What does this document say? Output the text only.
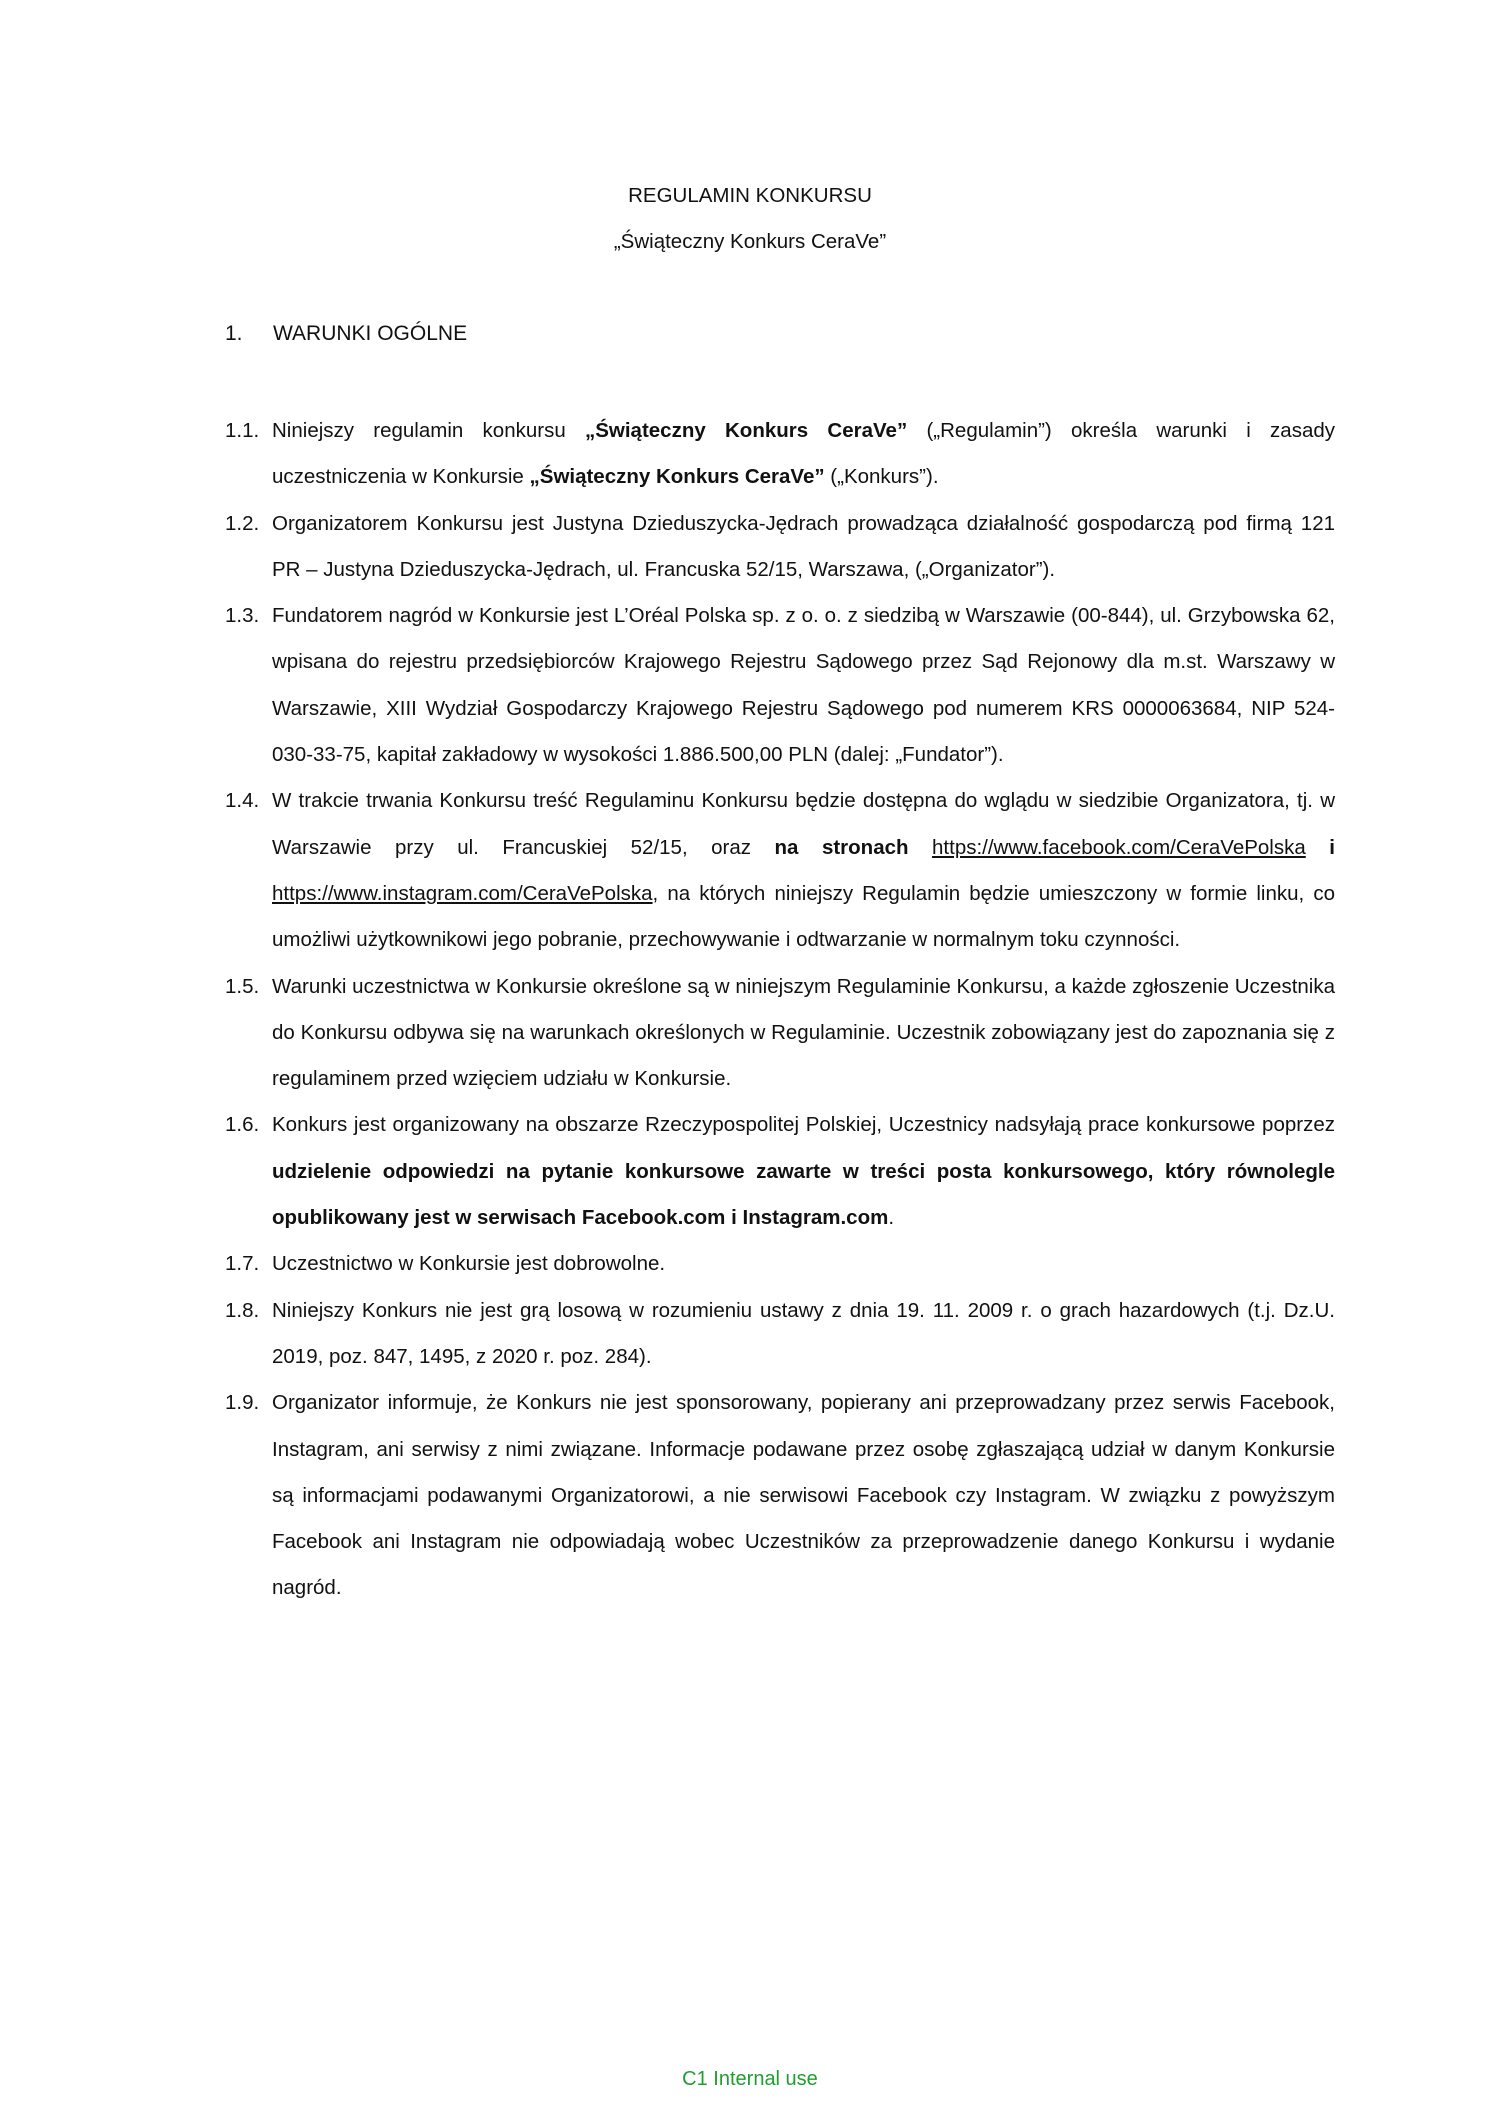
REGULAMIN KONKURSU
„Świąteczny Konkurs CeraVe”
1. WARUNKI OGÓLNE
1.1. Niniejszy regulamin konkursu „Świąteczny Konkurs CeraVe” („Regulamin”) określa warunki i zasady uczestniczenia w Konkursie „Świąteczny Konkurs CeraVe” („Konkurs”).
1.2. Organizatorem Konkursu jest Justyna Dzieduszycka-Jędrach prowadząca działalność gospodarczą pod firmą 121 PR – Justyna Dzieduszycka-Jędrach, ul. Francuska 52/15, Warszawa, („Organizator”).
1.3. Fundatorem nagród w Konkursie jest L’Oréal Polska sp. z o. o. z siedzibą w Warszawie (00-844), ul. Grzybowska 62, wpisana do rejestru przedsiębiorców Krajowego Rejestru Sądowego przez Sąd Rejonowy dla m.st. Warszawy w Warszawie, XIII Wydział Gospodarczy Krajowego Rejestru Sądowego pod numerem KRS 0000063684, NIP 524-030-33-75, kapitał zakładowy w wysokości 1.886.500,00 PLN (dalej: „Fundator”).
1.4. W trakcie trwania Konkursu treść Regulaminu Konkursu będzie dostępna do wglądu w siedzibie Organizatora, tj. w Warszawie przy ul. Francuskiej 52/15, oraz na stronach https://www.facebook.com/CeraVePolska i https://www.instagram.com/CeraVePolska, na których niniejszy Regulamin będzie umieszczony w formie linku, co umożliwi użytkownikowi jego pobranie, przechowywanie i odtwarzanie w normalnym toku czynności.
1.5. Warunki uczestnictwa w Konkursie określone są w niniejszym Regulaminie Konkursu, a każde zgłoszenie Uczestnika do Konkursu odbywa się na warunkach określonych w Regulaminie. Uczestnik zobowiązany jest do zapoznania się z regulaminem przed wzięciem udziału w Konkursie.
1.6. Konkurs jest organizowany na obszarze Rzeczypospolitej Polskiej, Uczestnicy nadsyłają prace konkursowe poprzez udzielenie odpowiedzi na pytanie konkursowe zawarte w treści posta konkursowego, który równolegle opublikowany jest w serwisach Facebook.com i Instagram.com.
1.7. Uczestnictwo w Konkursie jest dobrowolne.
1.8. Niniejszy Konkurs nie jest grą losową w rozumieniu ustawy z dnia 19. 11. 2009 r. o grach hazardowych (t.j. Dz.U. 2019, poz. 847, 1495, z 2020 r. poz. 284).
1.9. Organizator informuje, że Konkurs nie jest sponsorowany, popierany ani przeprowadzany przez serwis Facebook, Instagram, ani serwisy z nimi związane. Informacje podawane przez osobę zgłaszającą udział w danym Konkursie są informacjami podawanymi Organizatorowi, a nie serwisowi Facebook czy Instagram. W związku z powyższym Facebook ani Instagram nie odpowiadają wobec Uczestników za przeprowadzenie danego Konkursu i wydanie nagród.
C1 Internal use
